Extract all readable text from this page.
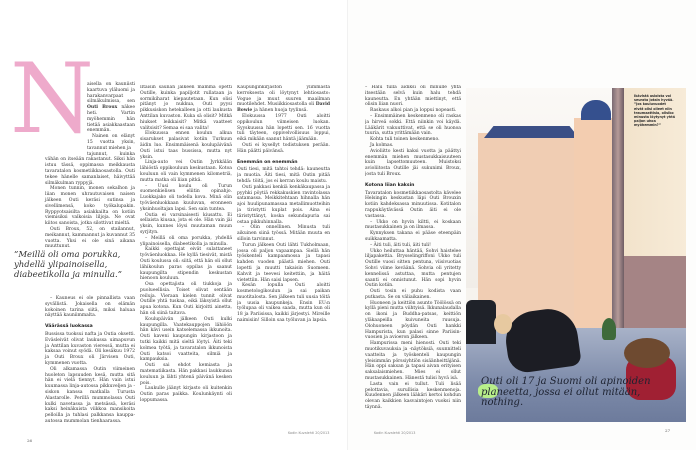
N

aisella on kauniisti kaartuva yläluomi ja harakanvarpaat silmäkulmissa, sen Outi Broux näkee heti. Vartin myöhemmin hän tietää asiakkaastaan enemmän.

Nainen on elänyt 15 vuotta yksin, tavannut miehen ja

tajunnut, kuinka vähän on itseään rakastanut. Siksi hän istuu tässä, oppimassa meikkausta tavaratalon kosmetiikkaosastolla. Outi tekee hänelle samanlaiset, häivyttää silmäkulman ryppyjä.

Monen tunnin, monen sekalhon ja liian monen uhrautuvaisen naisen jälkeen Outi keräsi sutinsa ja sivellimensä, koko työkalupakin. Ryppyotsaisilta asiakkailta on kotiin viemisiksi valkoisia liljoja. Ne ovat kiitos sanoista, jotka silottivat mieltä.

Outi Broux, 52, on stailannut, meikannut, kammannut ja kuvannut 35 vuotta. Yksi ei ole sinä aikana muuttunut.

”Meillä oli oma porukka, yhdellä ylipainoisella, diabeetikolla ja minulla.”

– Kauneus ei ole pinnallista vaan syvällistä. Jokaisella on elämän kokoinen tarina siitä, miksi haluaa näyttää kauniimmalta.

Väärässä luokassa

Bussissa tuoksui nafta ja Outia oksetti. Eväsleivät olivat laukussa uimapuvun ja Anttilan kuvaston vieressä, mutta ei kaksaa voinut syödä. Oli kesäkuu 1972 ja Outi Broux oli Järvisen Outi, kymmenen vuotta.

Oli alkamassa Outin viimeinen huoleton lapsuuden kesä, mutta sitä hän ei vielä tiennyt. Hän vain istui kuumassa linja-autossa pikkuveljen ja -siskon kanssa matkalla Turusta Alastarolle. Perillä mummolassa Outi kulki navetassa ja metsässä, keräsi kaksi heinäkuista viikkoa mansikoita pelloilla ja tuhlasi palkkansa kauppa-autossa mummolan tienhaarassa.

Iltaisin saunan jälkeen mamma opetti Outille, kuinka papiljotit rullataan ja sormikiharat kiepautetaan. Kun olisi pitänyt jo nukkua, Outi pyysi pikkusiskon hetekalleen ja otti laukusta Anttilan kuvaston. Kuka sä olisit? Mitkä hiukset leikkaisit? Mitkä vaatteet valitsisit? Semaa ei saa valita!

Elokuussa ennen koulun alkua sisarukset palasivat kotiin Turkuun äidin luo. Ensimmäisenä koulupäivänä Outi istui taas bussissa, mutta nyt yksin.

Linja-auto vei Outin Jyrkkälän lähiöstä oppikouluun keskustaan. Kotoa kouluun oli vain kymmenen kilometriä, mutta matka oli liian pitkä.

– Uusi koulu oli Turun suomenkielisen eliitin opinahjo. Luokkajako oli todella kova. Minä olin työväenluokkaan kuuluvan, eronneen yksinhuoltajan lapsi. Sen sain tuntea.

Outia ei varsinaisesti kiusattu. Ei sellaista kiusaa, jota ei ole. Hän vain jäi yksin, kunnes löysi muutaman muun syrjityn.

– Meillä oli oma porukka, yhdellä ylipainoisella, diabeetikolla ja minulla.

Kaikki opettajat eivät sulattaneet työväenluokkaa. He kyllä tiesivät, mistä Outi koulussa oli: siitä, että hän oli ollut lähikoulun paras oppilas ja saanut kaupungilta stipendin keskustan hienoon kouluun.

Osa opettajista oli tiukkoja ja puolueellisia. Toiset olivat sentään reiluja. Vieraan kielen tunnit olivat Outille yhtä tuskaa, eikä läksyistä ollut apua kotona. Kun Outi kirjoitti ainetta, hän oli siinä taitava.

Koulupäivän jälkeen Outi kulki kaupungilla. Vaatekauppojen lähiöön hän kävi usein katselemassa ikkunoita. Outi kaveni kaupungin kirjastoon ja tutki kaikki mitä sieltä löytyi. Äiti teki kolmea työtä, ja tavaratalon ikkunoista Outi katsoi vaatteita, silmiä ja kampauksia.

Outi sai ehdot kemiasta ja matematiikasta. Hän pakkasi laukkunsa kouluun ja lähti yhtenä päivänä kesken pois.

Laukulle jäänyt kirjasto oli kuitenkin Outin paras paikka. Koulunkäynti oli loppumassa.

Kaupunginkirjaston ylimmästä kerroksesta oli löytynyt lehtiosasto: Vogue ja muut suuren maailman muotilehdet. Musiikkiosastolla oli David Bowie ja hänen huoja tyylinsä.

Elokuussa 1977 Outi aloitti oppikoulun viimeisen luokan. Syyskuussa hän lopetti sen. 16 vuotta tuli täyteen, oppivelvollisuus loppui, eikä mikään saanut häntä jäämään.

Outi ei kysellyt todistuksen perään. Hän päätti päivänsä.

Enemmän on enemmän

Outi tiesi, mitä tahtoi tehdä: kauneutta ja muotia. Äiti tiesi, mitä Outin pitää tehdä: töitä, jos ei kerran koulu maistu.

Outi pakkasi kenkiä kenkäkaupassa ja pyyhki pöytiä rekkakuskien ravintolassa satamassa. Meikkitehtaan hihnalla hän ajoi huulipunamassaa metallimuotteihin ja tiristytti kuplat pois. Aina ei täristyttänyt, koska sekundapuria sai ostaa pikkuhinnalla.

– Olin onnellinen. Minusta tuli aikuinen siinä työssä. Mitään muuta en silloin tarvinnut.

Turun jälkeen Outi lähti Tukholmaan, jossa oli paljon vapaampaa. Siellä hän työskenteli kampaamossa ja tapasi kahden vuoden päästä miehen. Outi lopetti ja muutti takaisin Suomeen. Kahvit ja teevesi keitettiin, ja häitä vietettiin. Hän saisi lapsen.

Kesän lopulla Outi aloitti kosmetologikoulun ja sai paikan muotitalosta. Sen jälkeen tuli uusia töitä ja uusia kaupunkeja. Ensin EU:n työlupaa oli vaikea saada, mutta kun oli 18 ja Pariisissa, kaikki järjestyi. Mireille naimisiin! Silloin saa työluvan ja lapsia.

26
Kodin Kuvalehti 20/2013

– Halu tulla äidiksi oli minulle yhtä itsestään selvä kuin halu tehdä kauneutta. En yhtään miettinyt, että olisin liian nuori.

Raskaus alkoi pian ja loppui nopeasti.

– Ensimmäinen keskenmeno oli raskas ja hirveä sokki. Että niinkin voi käydä. Lääkärit vakuuttivat, että se oli huonoa tuuria, sutta yrittämään vain.

Kohta tuli toinen keskenmeno.

Ja kolmas.

Avioliitto kesti kaksi vuotta ja päättyi enemmän miehen mustasukkaisuuteen kuin lapsettomuuteen. Muistoksi avioliitosta Outille jäi sukunimi Broux, josta tuli Broux.

Kotona liian kaksin

Tavaratalon kosmetiikkaosastolta kävelee Helsingin keskustan läpi Outi Brouxin kotiin kahdeksassa minuutissa. Kotitalon rappukäytävässä Outin äiti ei ole vastassa.

– Ukko on hyvin kiltti, ei koskaan mustasukkainen ja on ilmassa.

Kynnyksen takana ei pääse eteenpäin suikkaamatta.

– Äiti tuli, äiti tuli, äiti tuli!

Ukko heiluttaa häntää, Sohvi haistelee liljapakettia. Brysselingriffoni Ukko tuli Outille vuosi sitten pentuna, viisivuotias Sohvi viime keväänä. Sohvia oli yritetty kennelissä astuttaa, mutta pentujen saanti ei onnistunut. Hän sopi hyvin Outin kotiin.

Outi tosin ei puhu kodista vaan putkasta. Se on väliaikainen.

Huoneen ja keittiön asunto Töölössä on kyllä pieni mutta viihtyisä. Ikkunalaudalla on ikoni ja Buddha-patsas, keittiön yläkaapeilla kuivuneita ruusuja. Olohuoneen pöydän Outi hankki Hampurista, kun palasi sinne Pariisin-vuosien ja avioeron jälkeen.

Hampurissa meni hienosti. Outi teki muotikuvauksia ja -näytöksiä, suunnitteli vaatteita ja työskenteli kaupungin yleisimmän pörssiyhtiön sisäänheittäjänä. Hän oppi saksan ja tapasi aivan erityisen saksalaismiehen. Mies ei ollut mustasukkainen. Hänestä tulisi hyvä isä.

Lasta vain ei tullut. Tuli lisää pelottavia, surullisia keskenmenoja. Kuudennen jälkeen lääkäri kertoi kohdun olevan kaikkien kasvaintojen vuoksi niin täynnä.

Ikävistä asioista voi seurata jotain hyvää. ”Jos kouluvuodet eivät olisi olleet niin traumaattisia, olisiko minusta löytynyt yhtä paljon uhoa myöhemmin?”
Outi oli 17 ja Suomi oli apinoiden planeetta, jossa ei ollut mitään, nothing.
27
Kodin Kuvalehti 20/2013
